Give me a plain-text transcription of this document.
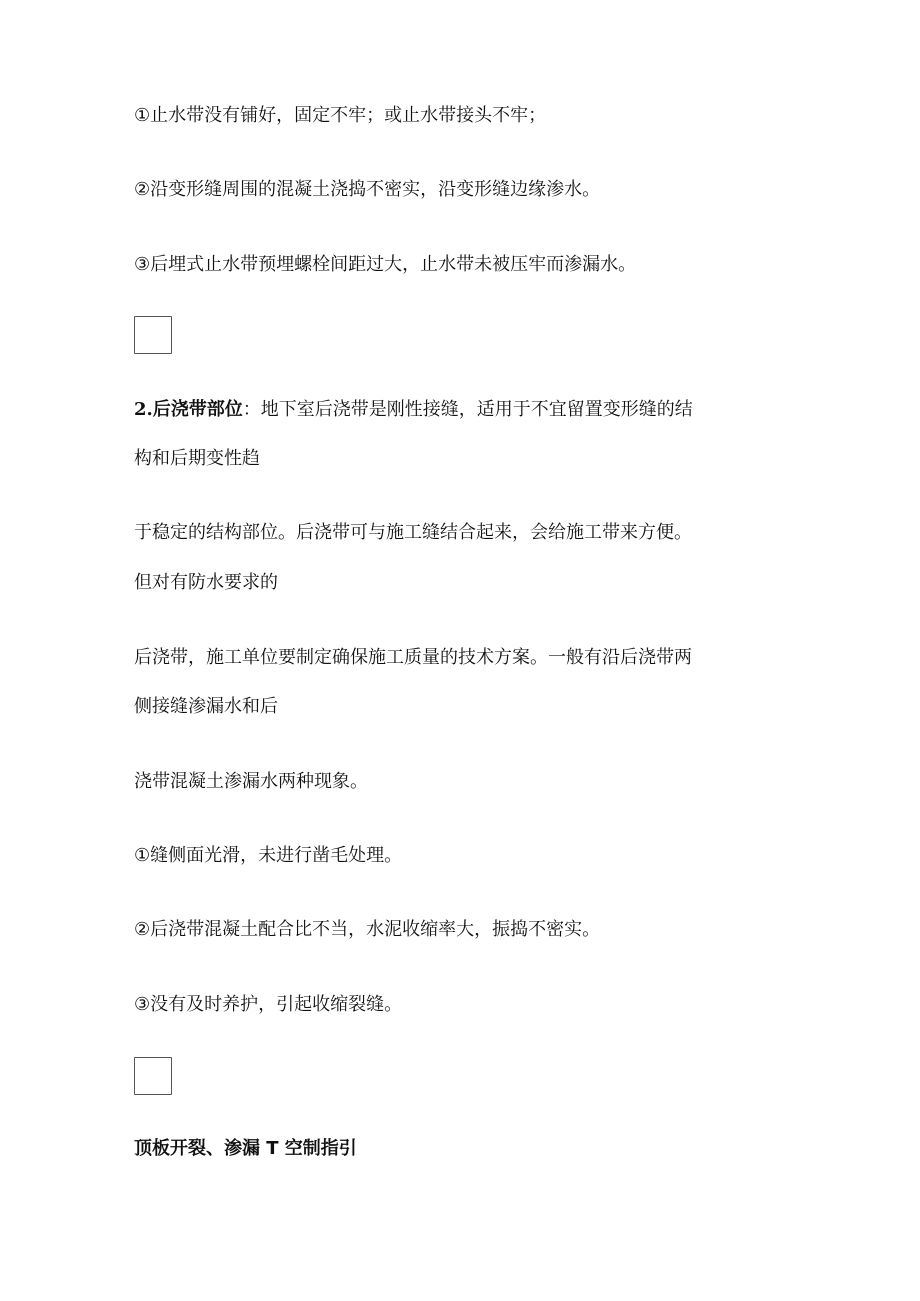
①止水带没有铺好，固定不牢；或止水带接头不牢；

②沿变形缝周围的混凝土浇捣不密实，沿变形缝边缘渗水。

③后埋式止水带预埋螺栓间距过大，止水带未被压牢而渗漏水。

2.后浇带部位：地下室后浇带是刚性接缝，适用于不宜留置变形缝的结

构和后期变性趋

于稳定的结构部位。后浇带可与施工缝结合起来，会给施工带来方便。

但对有防水要求的

后浇带，施工单位要制定确保施工质量的技术方案。一般有沿后浇带两

侧接缝渗漏水和后

浇带混凝土渗漏水两种现象。

①缝侧面光滑，未进行凿毛处理。

②后浇带混凝土配合比不当，水泥收缩率大，振捣不密实。

③没有及时养护，引起收缩裂缝。

顶板开裂、渗漏 T 空制指引
